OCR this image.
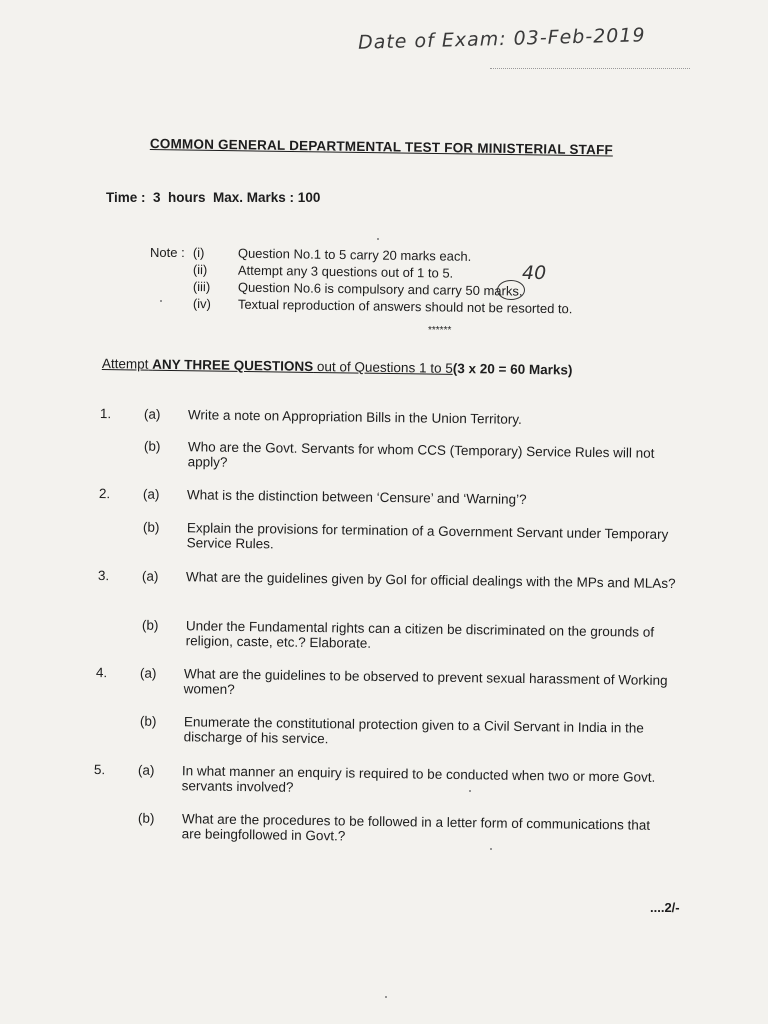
Date of Exam: 03-Feb-2019
COMMON GENERAL DEPARTMENTAL TEST FOR MINISTERIAL STAFF
Time :  3  hours  Max. Marks : 100
Note : (i)	Question No.1 to 5 carry 20 marks each.
(ii) Attempt any 3 questions out of 1 to 5.
(iii) Question No.6 is compulsory and carry 50 marks.
(iv) Textual reproduction of answers should not be resorted to.
40
******
Attempt ANY THREE QUESTIONS out of Questions 1 to 5(3 x 20 = 60 Marks)
1. (a) Write a note on Appropriation Bills in the Union Territory.
(b) Who are the Govt. Servants for whom CCS (Temporary) Service Rules will not apply?
2. (a) What is the distinction between ‘Censure’ and ‘Warning’?
(b) Explain the provisions for termination of a Government Servant under Temporary Service Rules.
3. (a) What are the guidelines given by GoI for official dealings with the MPs and MLAs?
(b) Under the Fundamental rights can a citizen be discriminated on the grounds of religion, caste, etc.? Elaborate.
4. (a) What are the guidelines to be observed to prevent sexual harassment of Working women?
(b) Enumerate the constitutional protection given to a Civil Servant in India in the discharge of his service.
5. (a) In what manner an enquiry is required to be conducted when two or more Govt. servants involved?
(b) What are the procedures to be followed in a letter form of communications that are beingfollowed in Govt.?
....2/-
